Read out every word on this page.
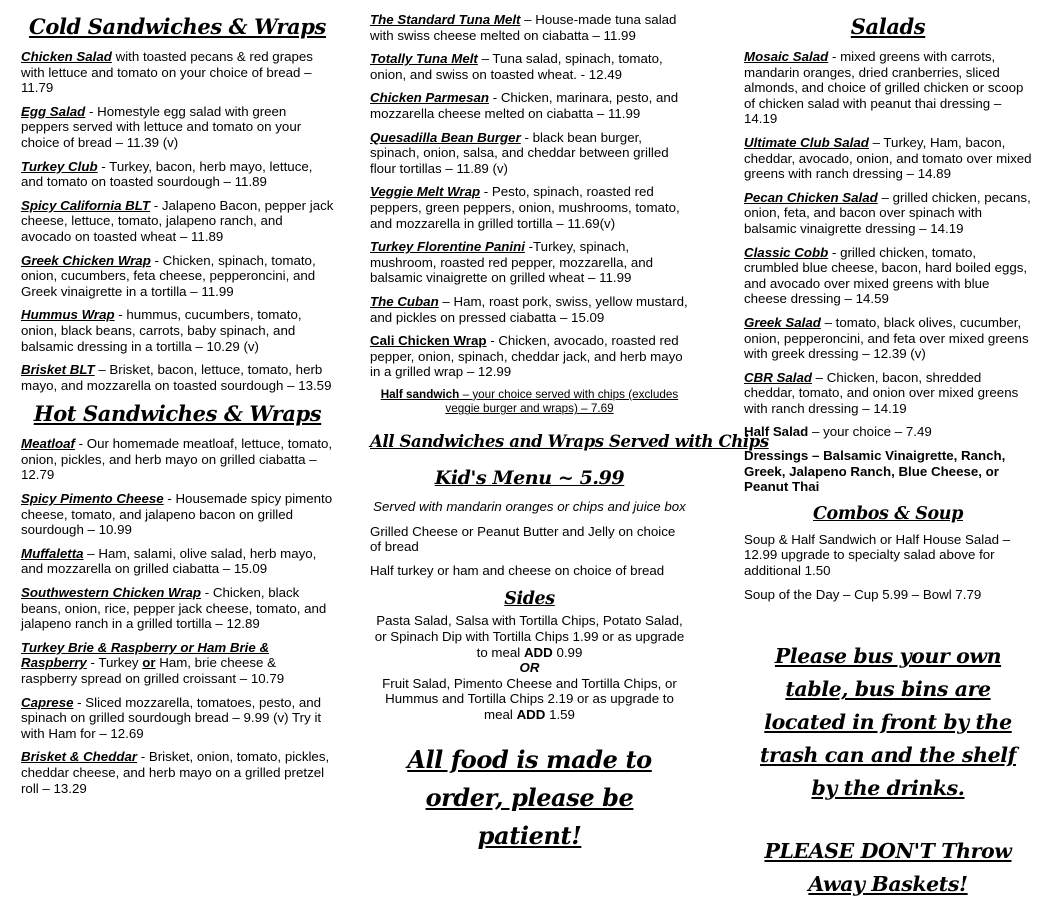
Cold Sandwiches & Wraps

Chicken Salad with toasted pecans & red grapes with lettuce and tomato on your choice of bread – 11.79

Egg Salad - Homestyle egg salad with green peppers served with lettuce and tomato on your choice of bread – 11.39 (v)

Turkey Club - Turkey, bacon, herb mayo, lettuce, and tomato on toasted sourdough – 11.89

Spicy California BLT - Jalapeno Bacon, pepper jack cheese, lettuce, tomato, jalapeno ranch, and avocado on toasted wheat – 11.89

Greek Chicken Wrap - Chicken, spinach, tomato, onion, cucumbers, feta cheese, pepperoncini, and Greek vinaigrette in a tortilla – 11.99

Hummus Wrap - hummus, cucumbers, tomato, onion, black beans, carrots, baby spinach, and balsamic dressing in a tortilla – 10.29 (v)

Brisket BLT – Brisket, bacon, lettuce, tomato, herb mayo, and mozzarella on toasted sourdough – 13.59

Hot Sandwiches & Wraps

Meatloaf - Our homemade meatloaf, lettuce, tomato, onion, pickles, and herb mayo on grilled ciabatta – 12.79

Spicy Pimento Cheese - Housemade spicy pimento cheese, tomato, and jalapeno bacon on grilled sourdough – 10.99

Muffaletta – Ham, salami, olive salad, herb mayo, and mozzarella on grilled ciabatta – 15.09

Southwestern Chicken Wrap - Chicken, black beans, onion, rice, pepper jack cheese, tomato, and jalapeno ranch in a grilled tortilla – 12.89

Turkey Brie & Raspberry or Ham Brie & Raspberry - Turkey or Ham, brie cheese & raspberry spread on grilled croissant – 10.79

Caprese - Sliced mozzarella, tomatoes, pesto, and spinach on grilled sourdough bread – 9.99 (v) Try it with Ham for – 12.69

Brisket & Cheddar - Brisket, onion, tomato, pickles, cheddar cheese, and herb mayo on a grilled pretzel roll – 13.29

The Standard Tuna Melt – House-made tuna salad with swiss cheese melted on ciabatta – 11.99

Totally Tuna Melt – Tuna salad, spinach, tomato, onion, and swiss on toasted wheat. - 12.49

Chicken Parmesan - Chicken, marinara, pesto, and mozzarella cheese melted on ciabatta – 11.99

Quesadilla Bean Burger - black bean burger, spinach, onion, salsa, and cheddar between grilled flour tortillas – 11.89 (v)

Veggie Melt Wrap - Pesto, spinach, roasted red peppers, green peppers, onion, mushrooms, tomato, and mozzarella in grilled tortilla – 11.69(v)

Turkey Florentine Panini -Turkey, spinach, mushroom, roasted red pepper, mozzarella, and balsamic vinaigrette on grilled wheat – 11.99

The Cuban – Ham, roast pork, swiss, yellow mustard, and pickles on pressed ciabatta – 15.09

Cali Chicken Wrap - Chicken, avocado, roasted red pepper, onion, spinach, cheddar jack, and herb mayo in a grilled wrap – 12.99

Half sandwich – your choice served with chips (excludes veggie burger and wraps) – 7.69

All Sandwiches and Wraps Served with Chips
Kid's Menu ~ 5.99

Served with mandarin oranges or chips and juice box

Grilled Cheese or Peanut Butter and Jelly on choice of bread

Half turkey or ham and cheese on choice of bread

Sides

Pasta Salad, Salsa with Tortilla Chips, Potato Salad, or Spinach Dip with Tortilla Chips 1.99 or as upgrade to meal ADD 0.99

OR

Fruit Salad, Pimento Cheese and Tortilla Chips, or Hummus and Tortilla Chips 2.19 or as upgrade to meal ADD 1.59

All food is made to order, please be patient!
Salads

Mosaic Salad - mixed greens with carrots, mandarin oranges, dried cranberries, sliced almonds, and choice of grilled chicken or scoop of chicken salad with peanut thai dressing – 14.19

Ultimate Club Salad – Turkey, Ham, bacon, cheddar, avocado, onion, and tomato over mixed greens with ranch dressing – 14.89

Pecan Chicken Salad – grilled chicken, pecans, onion, feta, and bacon over spinach with balsamic vinaigrette dressing – 14.19

Classic Cobb - grilled chicken, tomato, crumbled blue cheese, bacon, hard boiled eggs, and avocado over mixed greens with blue cheese dressing – 14.59

Greek Salad – tomato, black olives, cucumber, onion, pepperoncini, and feta over mixed greens with greek dressing – 12.39 (v)

CBR Salad – Chicken, bacon, shredded cheddar, tomato, and onion over mixed greens with ranch dressing – 14.19

Half Salad – your choice – 7.49

Dressings – Balsamic Vinaigrette, Ranch, Greek, Jalapeno Ranch, Blue Cheese, or Peanut Thai

Combos & Soup

Soup & Half Sandwich or Half House Salad – 12.99 upgrade to specialty salad above for additional 1.50

Soup of the Day – Cup 5.99 – Bowl 7.79

Please bus your own table, bus bins are located in front by the trash can and the shelf by the drinks.
PLEASE DON'T Throw Away Baskets!
